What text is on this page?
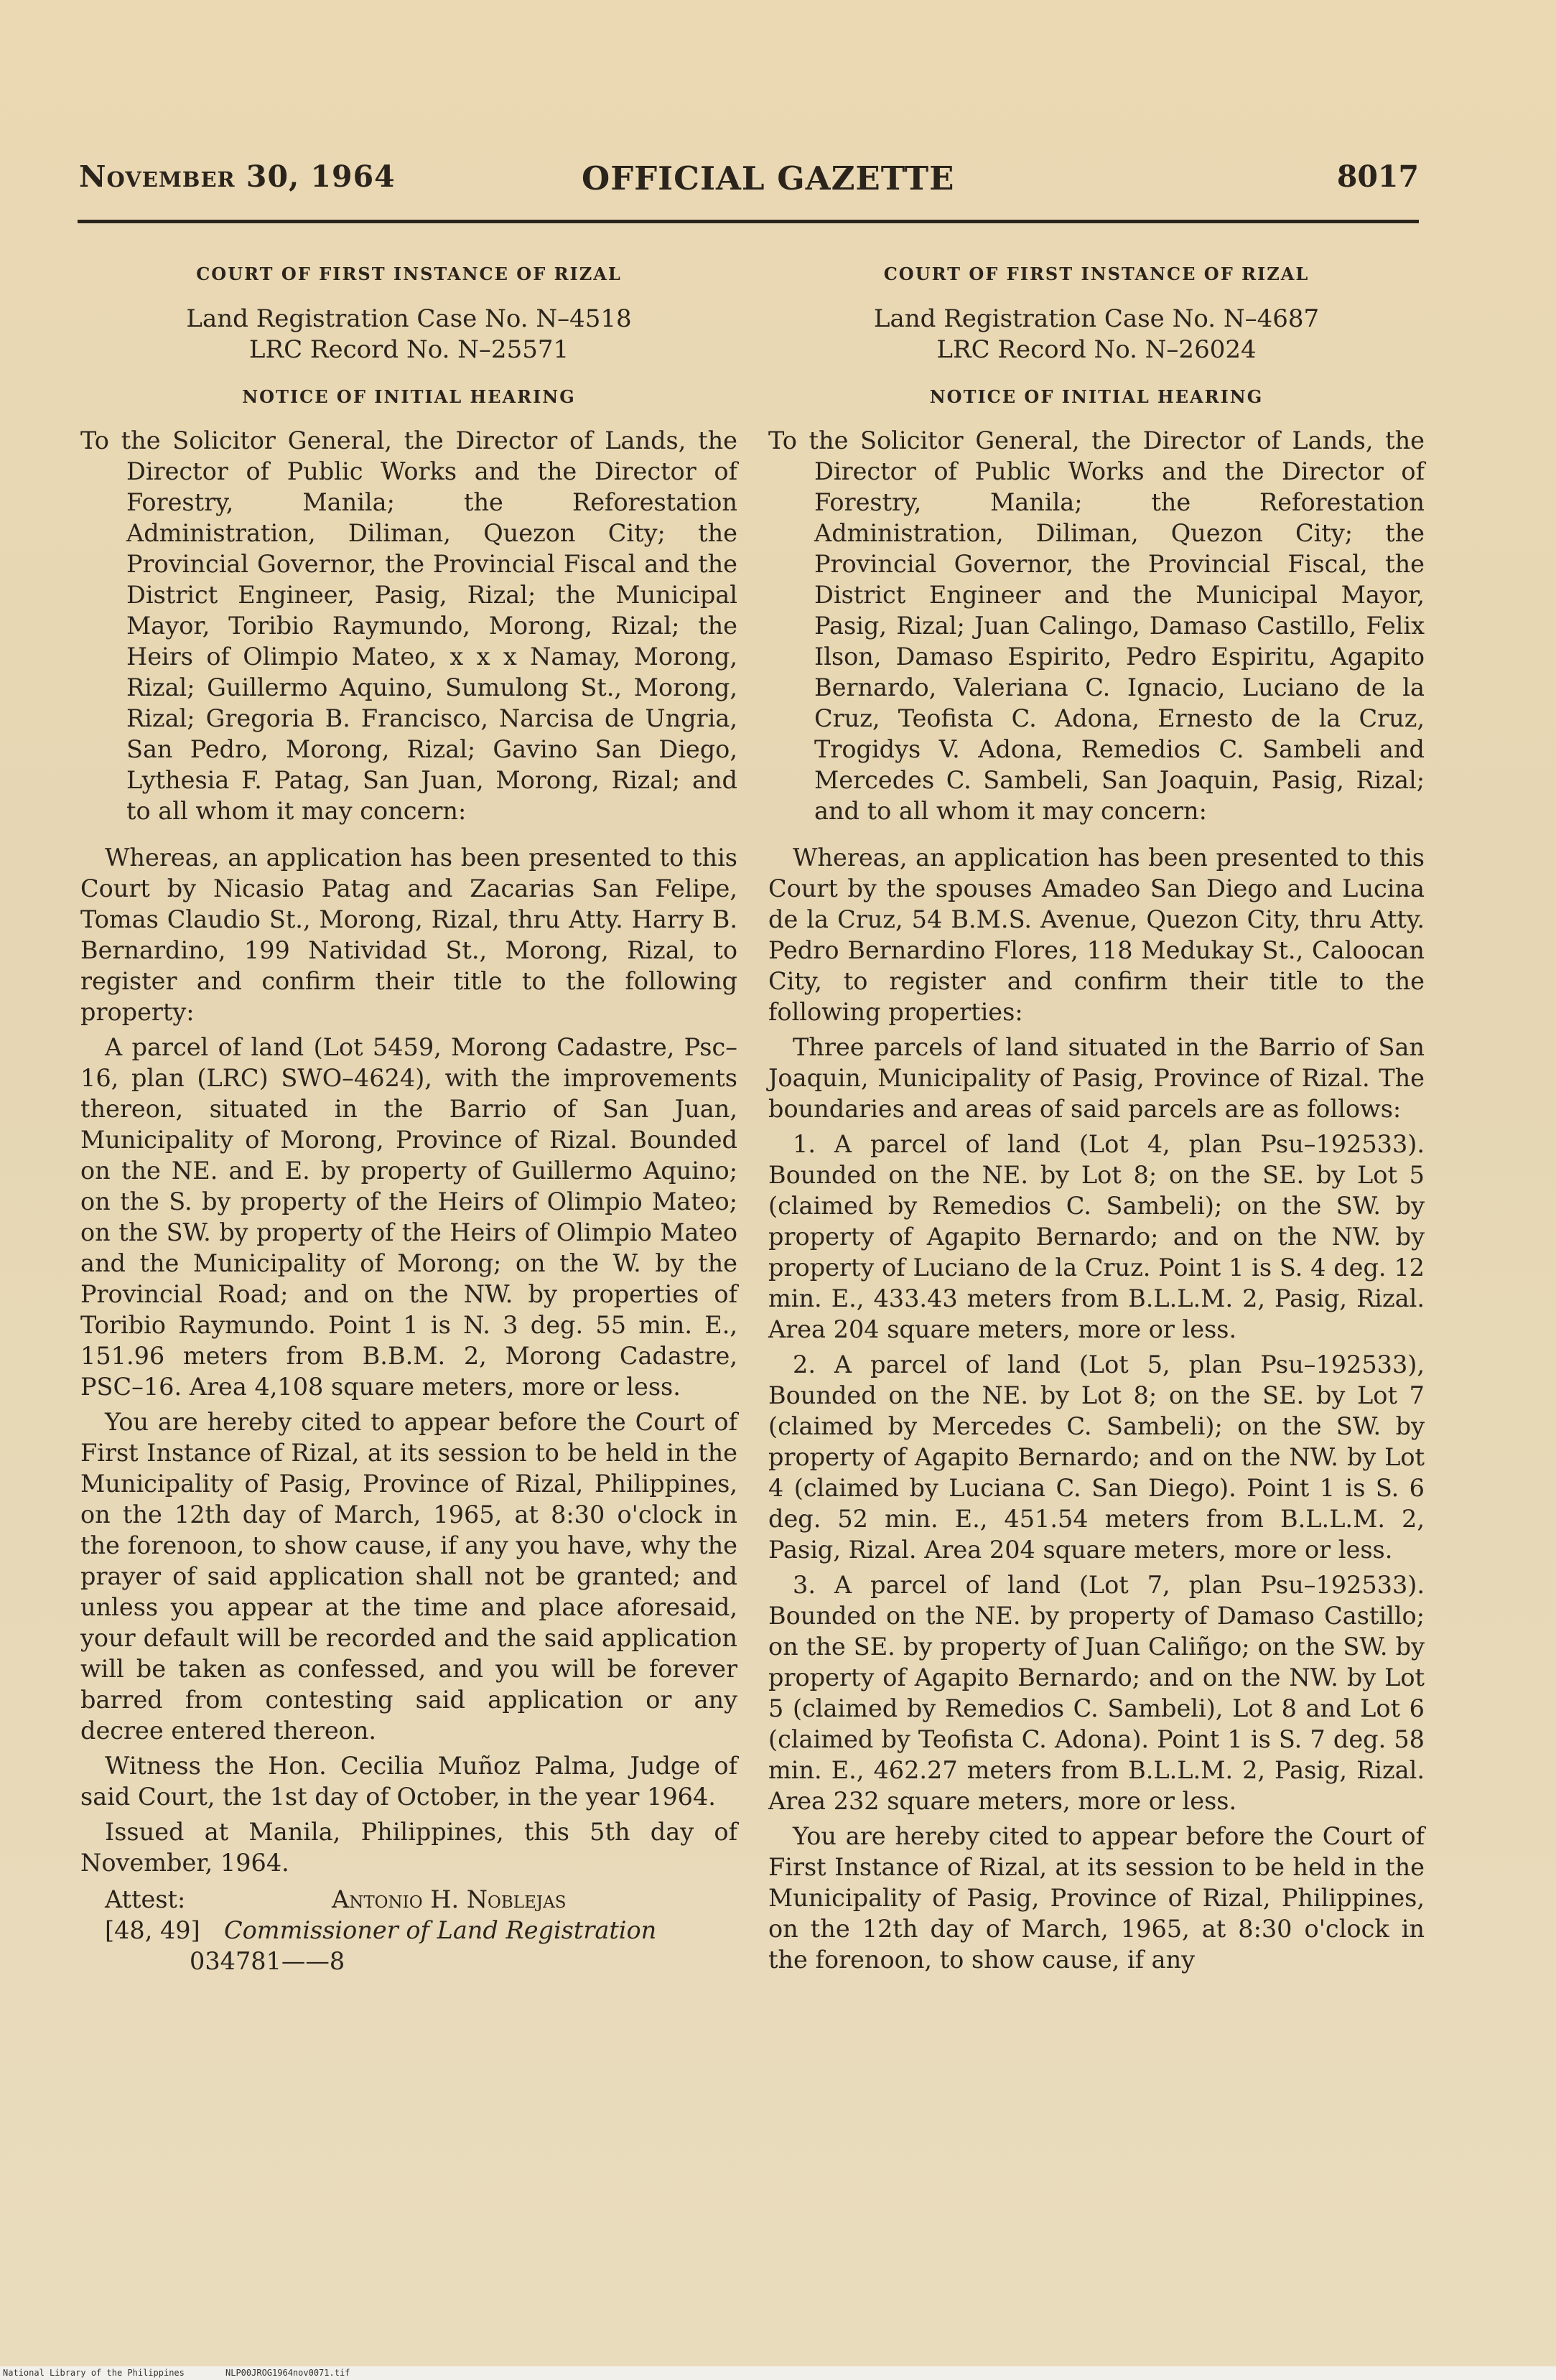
November 30, 1964	OFFICIAL GAZETTE	8017

COURT OF FIRST INSTANCE OF RIZAL

Land Registration Case No. N–4518

LRC Record No. N–25571

NOTICE OF INITIAL HEARING

To the Solicitor General, the Director of Lands, the Director of Public Works and the Director of Forestry, Manila; the Reforestation Administration, Diliman, Quezon City; the Provincial Governor, the Provincial Fiscal and the District Engineer, Pasig, Rizal; the Municipal Mayor, Toribio Raymundo, Morong, Rizal; the Heirs of Olimpio Mateo, x x x Namay, Morong, Rizal; Guillermo Aquino, Sumulong St., Morong, Rizal; Gregoria B. Francisco, Narcisa de Ungria, San Pedro, Morong, Rizal; Gavino San Diego, Lythesia F. Patag, San Juan, Morong, Rizal; and to all whom it may concern:

Whereas, an application has been presented to this Court by Nicasio Patag and Zacarias San Felipe, Tomas Claudio St., Morong, Rizal, thru Atty. Harry B. Bernardino, 199 Natividad St., Morong, Rizal, to register and confirm their title to the following property:

A parcel of land (Lot 5459, Morong Cadastre, Psc–16, plan (LRC) SWO–4624), with the improvements thereon, situated in the Barrio of San Juan, Municipality of Morong, Province of Rizal. Bounded on the NE. and E. by property of Guillermo Aquino; on the S. by property of the Heirs of Olimpio Mateo; on the SW. by property of the Heirs of Olimpio Mateo and the Municipality of Morong; on the W. by the Provincial Road; and on the NW. by properties of Toribio Raymundo. Point 1 is N. 3 deg. 55 min. E., 151.96 meters from B.B.M. 2, Morong Cadastre, PSC–16. Area 4,108 square meters, more or less.

You are hereby cited to appear before the Court of First Instance of Rizal, at its session to be held in the Municipality of Pasig, Province of Rizal, Philippines, on the 12th day of March, 1965, at 8:30 o'clock in the forenoon, to show cause, if any you have, why the prayer of said application shall not be granted; and unless you appear at the time and place aforesaid, your default will be recorded and the said application will be taken as confessed, and you will be forever barred from contesting said application or any decree entered thereon.

Witness the Hon. Cecilia Muñoz Palma, Judge of said Court, the 1st day of October, in the year 1964.

Issued at Manila, Philippines, this 5th day of November, 1964.

Attest:	Antonio H. Noblejas
[48, 49] Commissioner of Land Registration
034781——8

COURT OF FIRST INSTANCE OF RIZAL

Land Registration Case No. N–4687

LRC Record No. N–26024

NOTICE OF INITIAL HEARING

To the Solicitor General, the Director of Lands, the Director of Public Works and the Director of Forestry, Manila; the Reforestation Administration, Diliman, Quezon City; the Provincial Governor, the Provincial Fiscal, the District Engineer and the Municipal Mayor, Pasig, Rizal; Juan Calingo, Damaso Castillo, Felix Ilson, Damaso Espirito, Pedro Espiritu, Agapito Bernardo, Valeriana C. Ignacio, Luciano de la Cruz, Teofista C. Adona, Ernesto de la Cruz, Trogidys V. Adona, Remedios C. Sambeli and Mercedes C. Sambeli, San Joaquin, Pasig, Rizal; and to all whom it may concern:

Whereas, an application has been presented to this Court by the spouses Amadeo San Diego and Lucina de la Cruz, 54 B.M.S. Avenue, Quezon City, thru Atty. Pedro Bernardino Flores, 118 Medukay St., Caloocan City, to register and confirm their title to the following properties:

Three parcels of land situated in the Barrio of San Joaquin, Municipality of Pasig, Province of Rizal. The boundaries and areas of said parcels are as follows:

1. A parcel of land (Lot 4, plan Psu–192533). Bounded on the NE. by Lot 8; on the SE. by Lot 5 (claimed by Remedios C. Sambeli); on the SW. by property of Agapito Bernardo; and on the NW. by property of Luciano de la Cruz. Point 1 is S. 4 deg. 12 min. E., 433.43 meters from B.L.L.M. 2, Pasig, Rizal. Area 204 square meters, more or less.

2. A parcel of land (Lot 5, plan Psu–192533), Bounded on the NE. by Lot 8; on the SE. by Lot 7 (claimed by Mercedes C. Sambeli); on the SW. by property of Agapito Bernardo; and on the NW. by Lot 4 (claimed by Luciana C. San Diego). Point 1 is S. 6 deg. 52 min. E., 451.54 meters from B.L.L.M. 2, Pasig, Rizal. Area 204 square meters, more or less.

3. A parcel of land (Lot 7, plan Psu–192533). Bounded on the NE. by property of Damaso Castillo; on the SE. by property of Juan Caliñgo; on the SW. by property of Agapito Bernardo; and on the NW. by Lot 5 (claimed by Remedios C. Sambeli), Lot 8 and Lot 6 (claimed by Teofista C. Adona). Point 1 is S. 7 deg. 58 min. E., 462.27 meters from B.L.L.M. 2, Pasig, Rizal. Area 232 square meters, more or less.

You are hereby cited to appear before the Court of First Instance of Rizal, at its session to be held in the Municipality of Pasig, Province of Rizal, Philippines, on the 12th day of March, 1965, at 8:30 o'clock in the forenoon, to show cause, if any

National Library of the Philippines	NLP00JROG1964nov0071.tif
